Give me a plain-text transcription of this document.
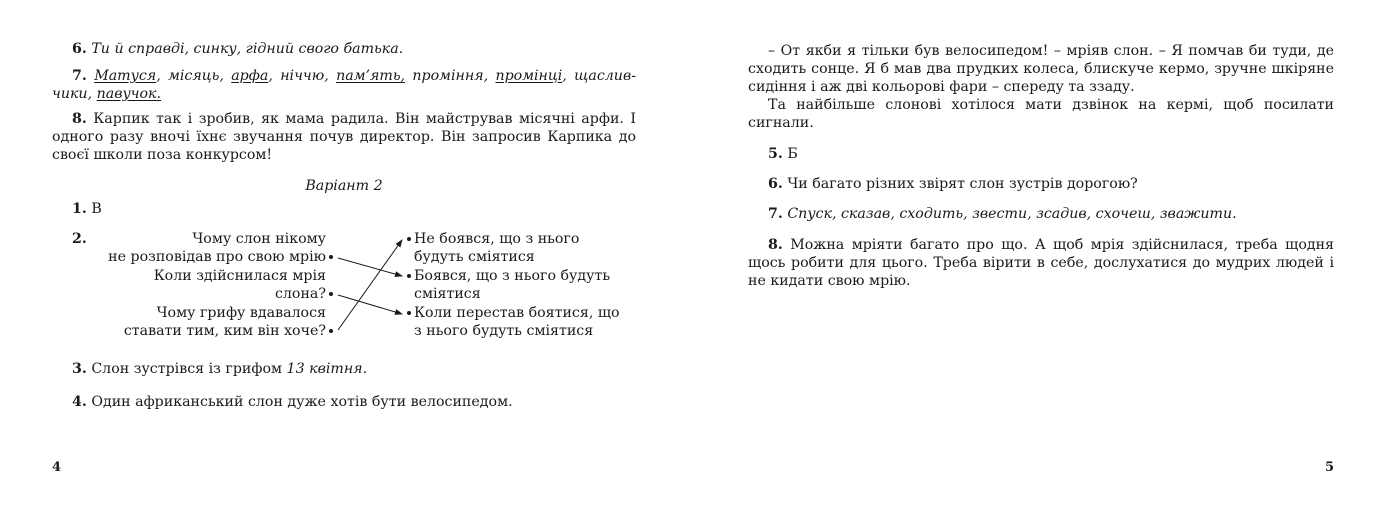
6. Ти й справді, синку, гідний свого батька.
7. Матуся, місяць, арфа, ніччю, пам’ять, проміння, промінці, щаслив-чики, павучок.
8. Карпик так і зробив, як мама радила. Він майстрував місячні арфи. І одного разу вночі їхнє звучання почув директор. Він запросив Карпика до своєї школи поза конкурсом!
Варіант 2
1. В
2.	Чому слон нікому
не розповідав про свою мрію
Коли здійснилася мрія
слона?
Чому грифу вдавалося
ставати тим, ким він хоче?
Не боявся, що з нього
будуть сміятися
Боявся, що з нього будуть
сміятися
Коли перестав боятися, що
з нього будуть сміятися
3. Слон зустрівся із грифом 13 квітня.
4. Один африканський слон дуже хотів бути велосипедом.
4
– От якби я тільки був велосипедом! – мріяв слон. – Я помчав би туди, де сходить сонце. Я б мав два прудких колеса, блискуче кермо, зручне шкіряне сидіння і аж дві кольорові фари – спереду та ззаду.
Та найбільше слонові хотілося мати дзвінок на кермі, щоб посилати сигнали.
5. Б
6. Чи багато різних звірят слон зустрів дорогою?
7. Спуск, сказав, сходить, звести, зсадив, схочеш, зважити.
8. Можна мріяти багато про що. А щоб мрія здійснилася, треба щодня щось робити для цього. Треба вірити в себе, дослухатися до мудрих людей і не кидати свою мрію.
5
